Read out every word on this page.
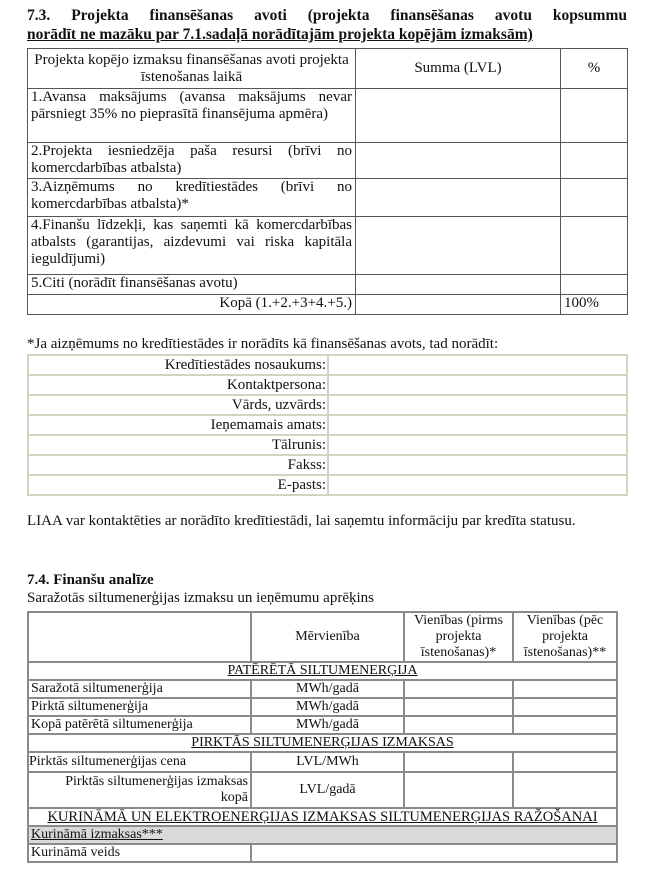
7.3. Projekta finansēšanas avoti (projekta finansēšanas avotu kopsummu
norādīt ne mazāku par 7.1.sadaļā norādītajām projekta kopējām izmaksām)
Projekta kopējo izmaksu finansēšanas avoti projekta īstenošanas laikā	Summa (LVL)	%
1.Avansa maksājums (avansa maksājums nevar pārsniegt 35% no pieprasītā finansējuma apmēra)		
2.Projekta iesniedzēja paša resursi (brīvi no komercdarbības atbalsta)		
3.Aizņēmums no kredītiestādes (brīvi no komercdarbības atbalsta)*		
4.Finanšu līdzekļi, kas saņemti kā komercdarbības atbalsts (garantijas, aizdevumi vai riska kapitāla ieguldījumi)		
5.Citi (norādīt finansēšanas avotu)		
Kopā (1.+2.+3+4.+5.)		100%
*Ja aizņēmums no kredītiestādes ir norādīts kā finansēšanas avots, tad norādīt:
Kredītiestādes nosaukums:	
Kontaktpersona:	
Vārds, uzvārds:	
Ieņemamais amats:	
Tālrunis:	
Fakss:	
E-pasts:	
LIAA var kontaktēties ar norādīto kredītiestādi, lai saņemtu informāciju par kredīta statusu.
7.4. Finanšu analīze
Saražotās siltumenerģijas izmaksu un ieņēmumu aprēķins
	Mērvienība	Vienības (pirms projekta īstenošanas)*	Vienības (pēc projekta īstenošanas)**
PATĒRĒTĀ SILTUMENERĢIJA			
Saražotā siltumenerģija	MWh/gadā		
Pirktā siltumenerģija	MWh/gadā		
Kopā patērētā siltumenerģija	MWh/gadā		
PIRKTĀS SILTUMENERĢIJAS IZMAKSAS			
Pirktās siltumenerģijas cena	LVL/MWh		
Pirktās siltumenerģijas izmaksas kopā	LVL/gadā		
KURINĀMĀ UN ELEKTROENERĢIJAS IZMAKSAS SILTUMENERĢIJAS RAŽOŠANAI			
Kurināmā izmaksas***			
Kurināmā veids			
